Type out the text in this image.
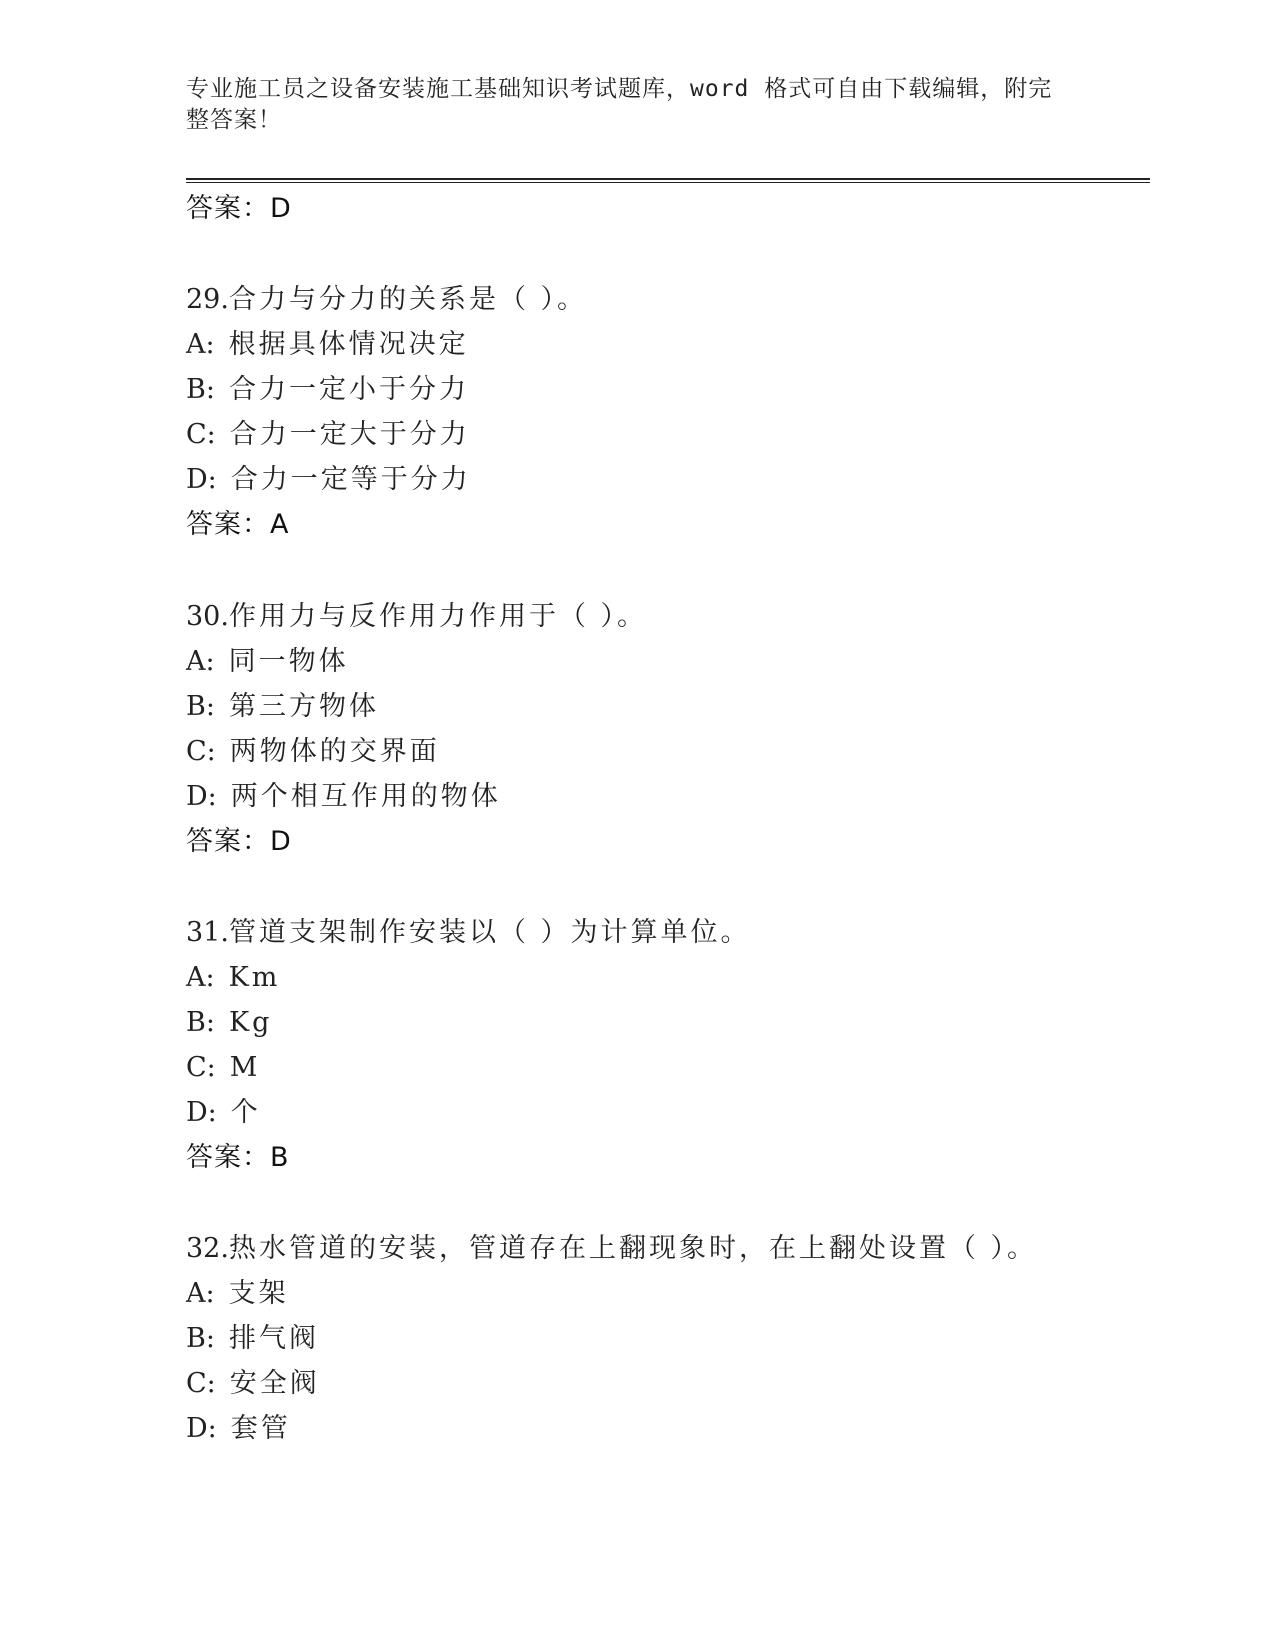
专业施工员之设备安装施工基础知识考试题库，word 格式可自由下载编辑，附完
整答案！
答案：D
29.合力与分力的关系是（ ）。
A: 根据具体情况决定
B: 合力一定小于分力
C: 合力一定大于分力
D: 合力一定等于分力
答案：A
30.作用力与反作用力作用于（ ）。
A: 同一物体
B: 第三方物体
C: 两物体的交界面
D: 两个相互作用的物体
答案：D
31.管道支架制作安装以（ ）为计算单位。
A: Km
B: Kg
C: M
D: 个
答案：B
32.热水管道的安装，管道存在上翻现象时，在上翻处设置（ ）。
A: 支架
B: 排气阀
C: 安全阀
D: 套管
